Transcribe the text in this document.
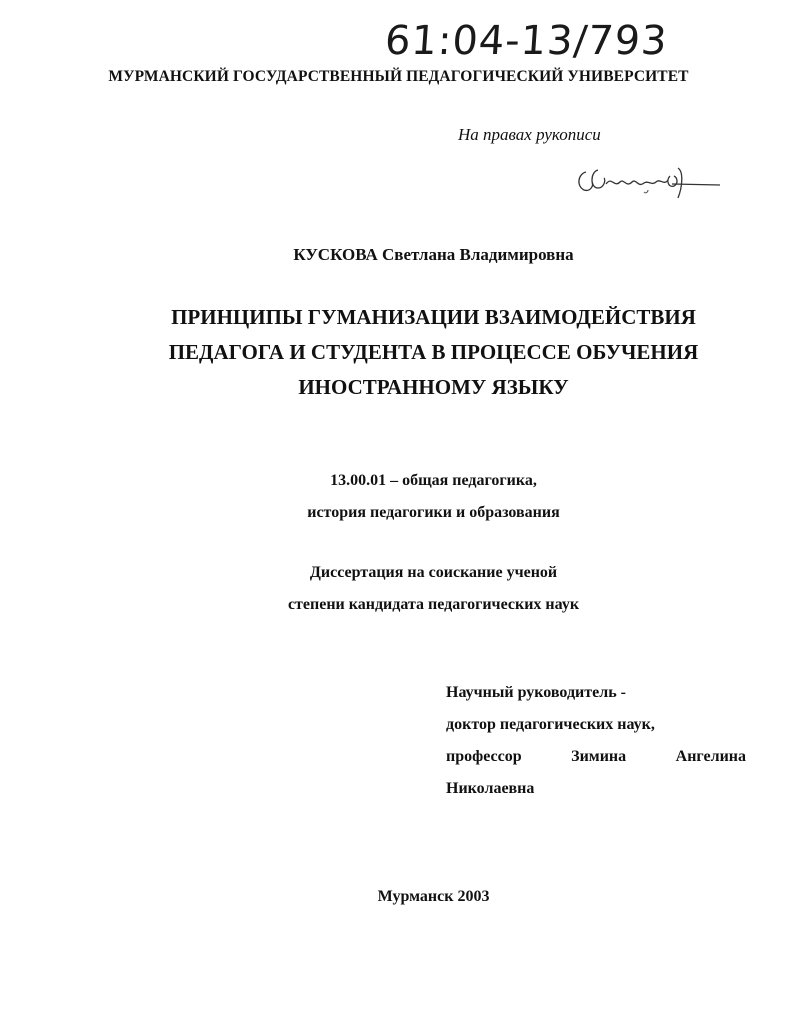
61:04-13/793
МУРМАНСКИЙ ГОСУДАРСТВЕННЫЙ ПЕДАГОГИЧЕСКИЙ УНИВЕРСИТЕТ
На правах рукописи
КУСКОВА Светлана Владимировна
ПРИНЦИПЫ ГУМАНИЗАЦИИ ВЗАИМОДЕЙСТВИЯ
ПЕДАГОГА И СТУДЕНТА В ПРОЦЕССЕ ОБУЧЕНИЯ
ИНОСТРАННОМУ ЯЗЫКУ
13.00.01 – общая педагогика,
история педагогики и образования
Диссертация на соискание ученой
степени кандидата педагогических наук
Научный руководитель -
доктор педагогических наук,
профессор	Зимина	Ангелина
Николаевна
Мурманск 2003
